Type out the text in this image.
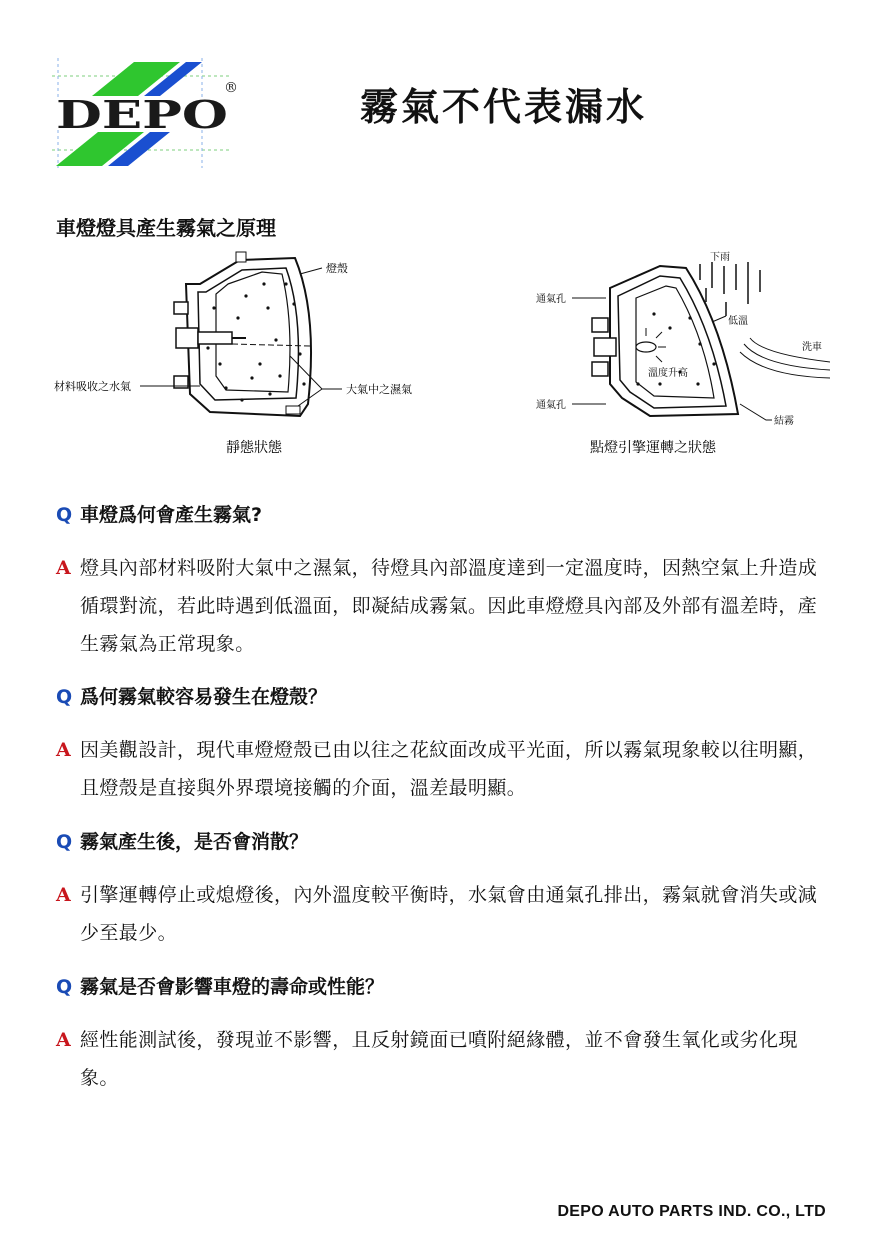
DEPO
®	霧氣不代表漏水
車燈燈具產生霧氣之原理
燈殼
材料吸收之水氣	大氣中之濕氣
靜態狀態
下雨
通氣孔
低溫
洗車
溫度升高
通氣孔
結霧
點燈引擎運轉之狀態
Q 車燈爲何會產生霧氣?
A 燈具內部材料吸附大氣中之濕氣，待燈具內部溫度達到一定溫度時，因熱空氣上升造成循環對流，若此時遇到低溫面，即凝結成霧氣。因此車燈燈具內部及外部有溫差時，產生霧氣為正常現象。
Q 爲何霧氣較容易發生在燈殼？
A 因美觀設計，現代車燈燈殼已由以往之花紋面改成平光面，所以霧氣現象較以往明顯，且燈殼是直接與外界環境接觸的介面，溫差最明顯。
Q 霧氣產生後，是否會消散？
A 引擎運轉停止或熄燈後，內外溫度較平衡時，水氣會由通氣孔排出，霧氣就會消失或減少至最少。
Q 霧氣是否會影響車燈的壽命或性能？
A 經性能測試後，發現並不影響，且反射鏡面已噴附絕緣體，並不會發生氧化或劣化現象。
DEPO AUTO PARTS IND. CO., LTD
